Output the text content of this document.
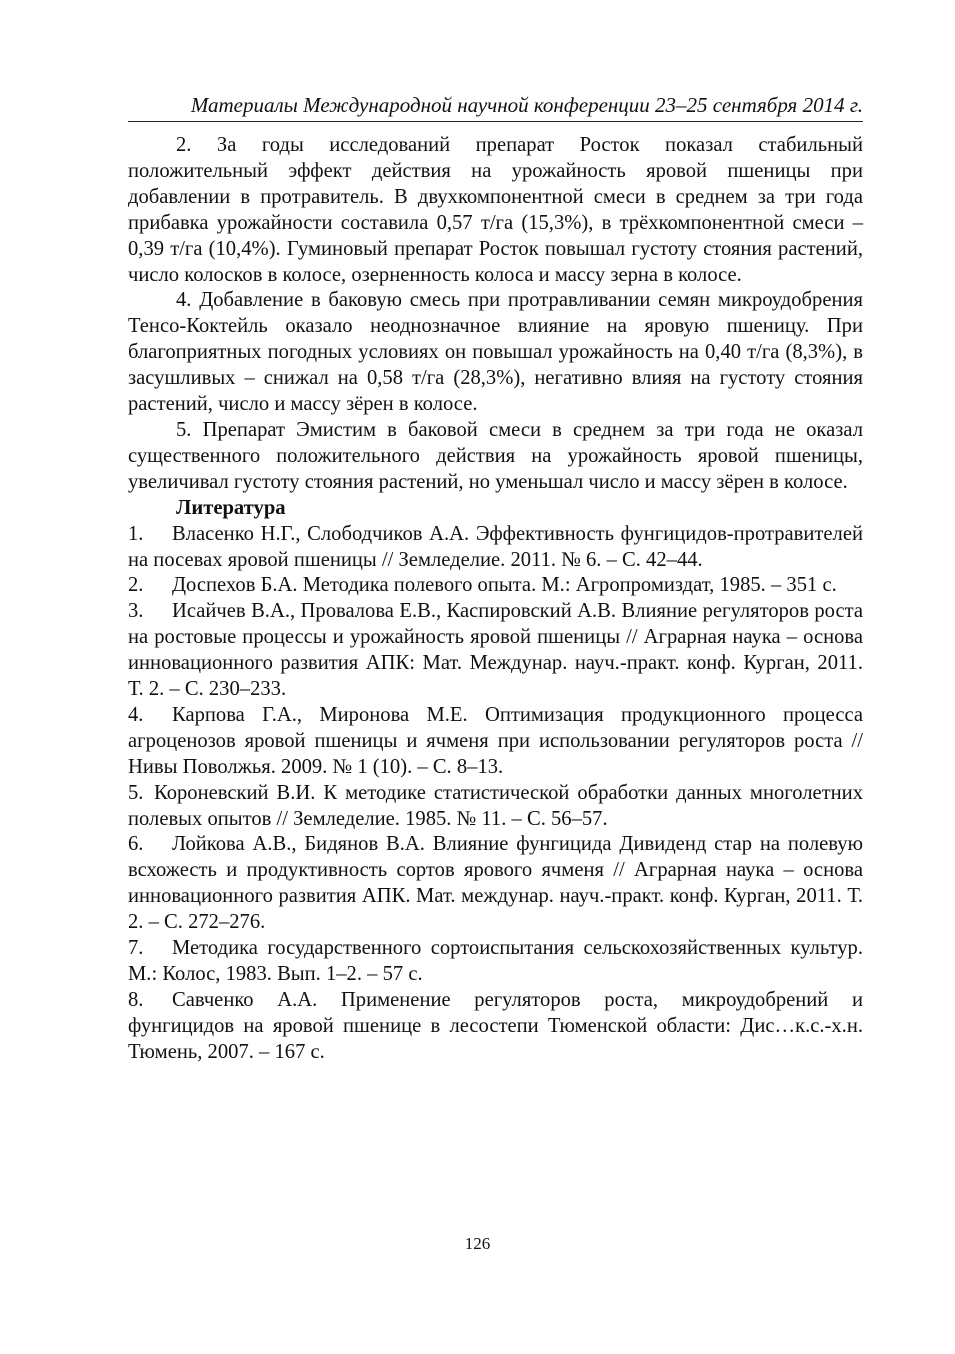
Материалы Международной научной конференции 23–25 сентября 2014 г.

2. За годы исследований препарат Росток показал стабильный положительный эффект действия на урожайность яровой пшеницы при добавлении в протравитель. В двухкомпонентной смеси в среднем за три года прибавка урожайности составила 0,57 т/га (15,3%), в трёхкомпонентной смеси – 0,39 т/га (10,4%). Гуминовый препарат Росток повышал густоту стояния растений, число колосков в колосе, озерненность колоса и массу зерна в колосе.

4. Добавление в баковую смесь при протравливании семян микроудобрения Тенсо-Коктейль оказало неоднозначное влияние на яровую пшеницу. При благоприятных погодных условиях он повышал урожайность на 0,40 т/га (8,3%), в засушливых – снижал на 0,58 т/га (28,3%), негативно влияя на густоту стояния растений, число и массу зёрен в колосе.

5. Препарат Эмистим в баковой смеси в среднем за три года не оказал существенного положительного действия на урожайность яровой пшеницы, увеличивал густоту стояния растений, но уменьшал число и массу зёрен в колосе.

Литература

1. Власенко Н.Г., Слободчиков А.А. Эффективность фунгицидов-протравителей на посевах яровой пшеницы // Земледелие. 2011. № 6. – С. 42–44.
2. Доспехов Б.А. Методика полевого опыта. М.: Агропромиздат, 1985. – 351 с.
3. Исайчев В.А., Провалова Е.В., Каспировский А.В. Влияние регуляторов роста на ростовые процессы и урожайность яровой пшеницы // Аграрная наука – основа инновационного развития АПК: Мат. Междунар. науч.-практ. конф. Курган, 2011. Т. 2. – С. 230–233.
4. Карпова Г.А., Миронова М.Е. Оптимизация продукционного процесса агроценозов яровой пшеницы и ячменя при использовании регуляторов роста // Нивы Поволжья. 2009. № 1 (10). – С. 8–13.
5. Короневский В.И. К методике статистической обработки данных многолетних полевых опытов // Земледелие. 1985. № 11. – С. 56–57.
6. Лойкова А.В., Бидянов В.А. Влияние фунгицида Дивиденд стар на полевую всхожесть и продуктивность сортов ярового ячменя // Аграрная наука – основа инновационного развития АПК. Мат. междунар. науч.-практ. конф. Курган, 2011. Т. 2. – С. 272–276.
7. Методика государственного сортоиспытания сельскохозяйственных культур. М.: Колос, 1983. Вып. 1–2. – 57 с.
8. Савченко А.А. Применение регуляторов роста, микроудобрений и фунгицидов на яровой пшенице в лесостепи Тюменской области: Дис…к.с.-х.н. Тюмень, 2007. – 167 с.
126
